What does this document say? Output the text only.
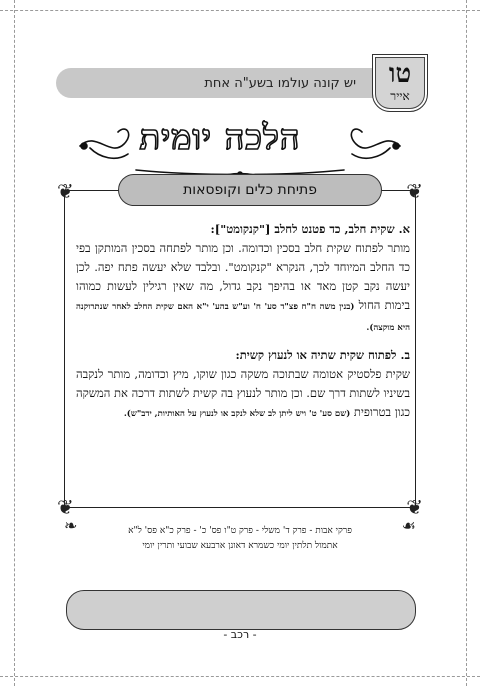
יש קונה עולמו בשע"ה אחת	טו
אייר
הלכה יומית
❦	❦
❦	❦
פתיחת כלים וקופסאות

א. שקית חלב, כד פטנט לחלב ["קנקומט"]:
מותר לפתוח שקית חלב בסכין וכדומה. וכן מותר לפתחה בסכין המותקן בפי כד החלב המיוחד לכך, הנקרא "קנקומט". ובלבד שלא יעשה פתח יפה. לכן יעשה נקב קטן מאד או בהיפך נקב גדול, מה שאין רגילין לעשות כמוהו בימות החול (בנין משה ח"ח פצ"ד סע' ח' וע"ש בהע' י"א האם שקית החלב לאחר שנתרוקנה היא מוקצה).

ב. לפתוח שקית שתיה או לנעוץ קשית:
שקית פלסטיק אטומה שבתוכה משקה כגון שוקו, מיץ וכדומה, מותר לנקבה בשיניו לשתות דרך שם. וכן מותר לנעוץ בה קשית לשתות דרכה את המשקה כגון בטרופית (שם סע' ט' ויש ליתן לב שלא לנקב או לנעוץ על האותיות, ידב"ש).

❧	☙
פרקי אבות - פרק ד' משלי - פרק ט"ו פס' כ' - פרק כ"א פס' ל"א
אתמול תלתין יומי כשמרא דאונן ארבעא שבועי ותרין יומי
- רכב -
